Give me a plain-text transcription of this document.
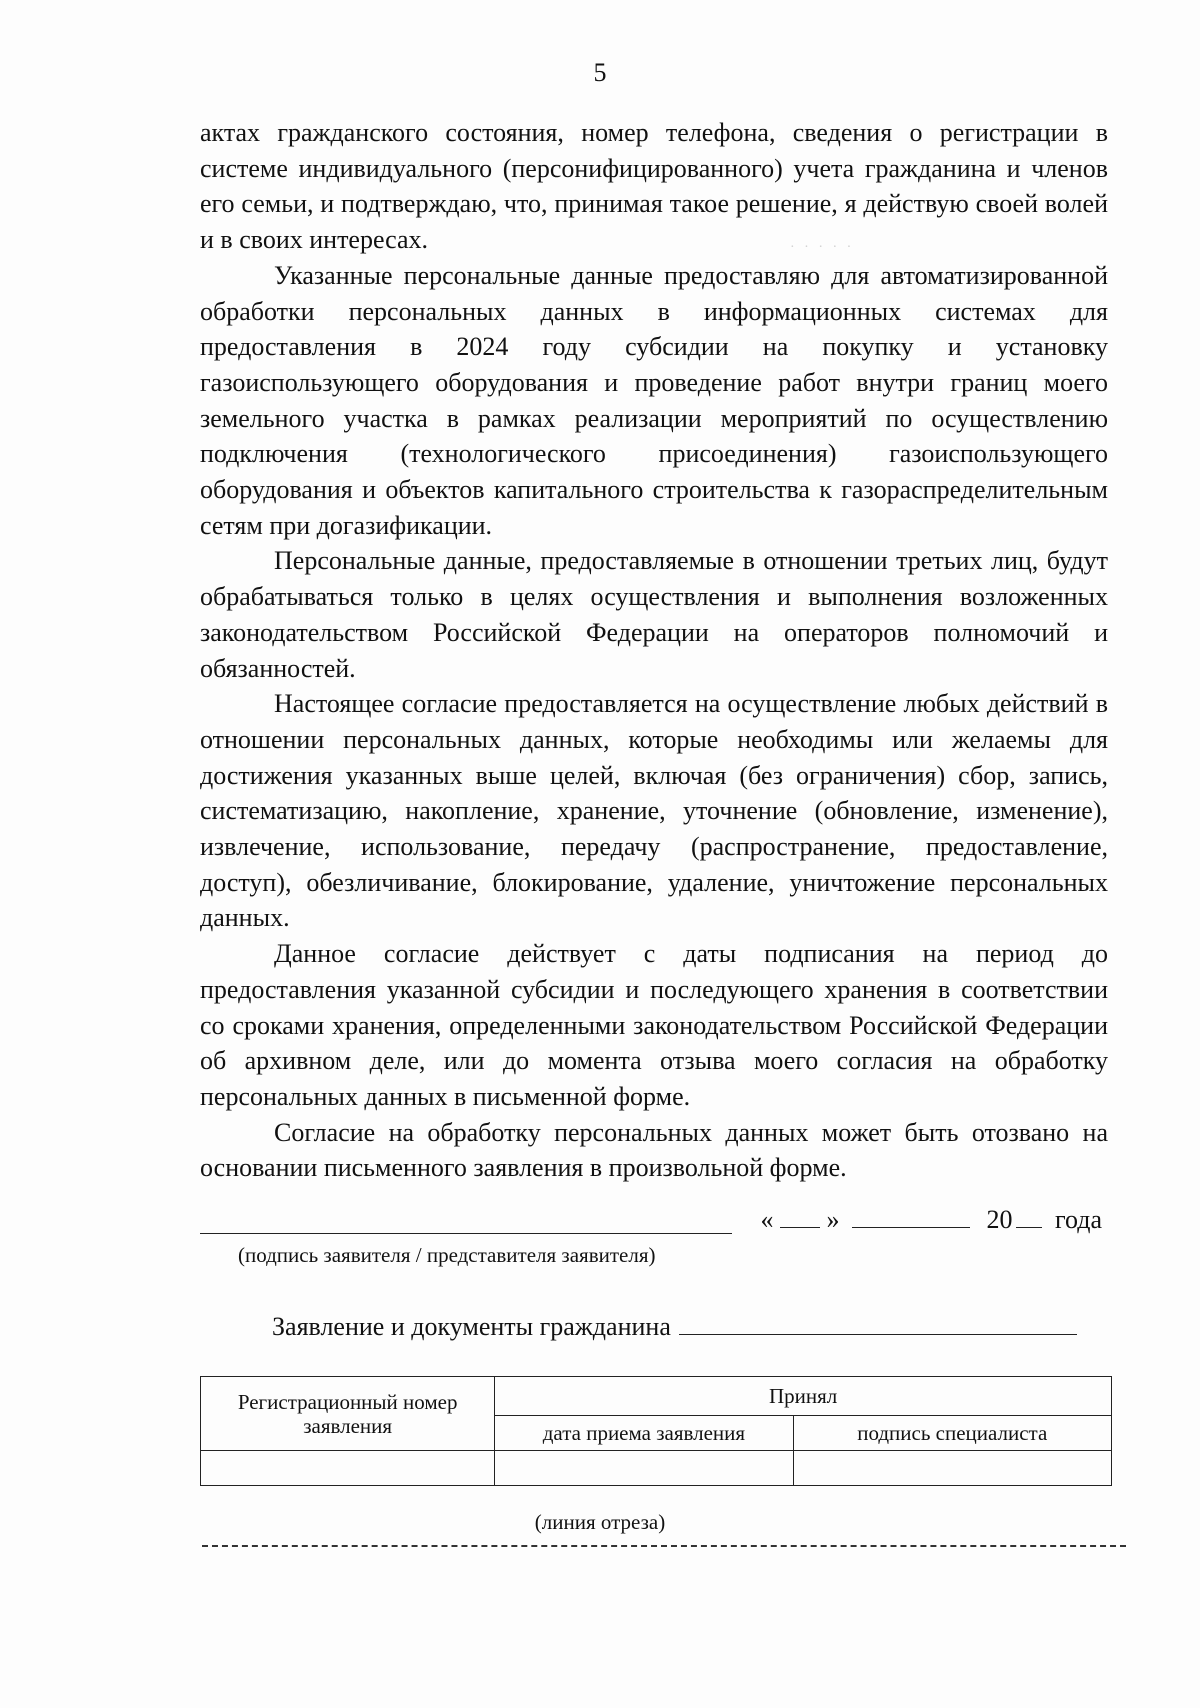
5
· · · · ·

актах гражданского состояния, номер телефона, сведения о регистрации в системе индивидуального (персонифицированного) учета гражданина и членов его семьи, и подтверждаю, что, принимая такое решение, я действую своей волей и в своих интересах.

Указанные персональные данные предоставляю для автоматизированной обработки персональных данных в информационных системах для предоставления в 2024 году субсидии на покупку и установку газоиспользующего оборудования и проведение работ внутри границ моего земельного участка в рамках реализации мероприятий по осуществлению подключения (технологического присоединения) газоиспользующего оборудования и объектов капитального строительства к газораспределительным сетям при догазификации.

Персональные данные, предоставляемые в отношении третьих лиц, будут обрабатываться только в целях осуществления и выполнения возложенных законодательством Российской Федерации на операторов полномочий и обязанностей.

Настоящее согласие предоставляется на осуществление любых действий в отношении персональных данных, которые необходимы или желаемы для достижения указанных выше целей, включая (без ограничения) сбор, запись, систематизацию, накопление, хранение, уточнение (обновление, изменение), извлечение, использование, передачу (распространение, предоставление, доступ), обезличивание, блокирование, удаление, уничтожение персональных данных.

Данное согласие действует с даты подписания на период до предоставления указанной субсидии и последующего хранения в соответствии со сроками хранения, определенными законодательством Российской Федерации об архивном деле, или до момента отзыва моего согласия на обработку персональных данных в письменной форме.

Согласие на обработку персональных данных может быть отозвано на основании письменного заявления в произвольной форме.

« »	20 года
(подпись заявителя / представителя заявителя)
Заявление и документы гражданина
Регистрационный номер заявления	Принял	
	дата приема заявления	подпись специалиста

(линия отреза)
